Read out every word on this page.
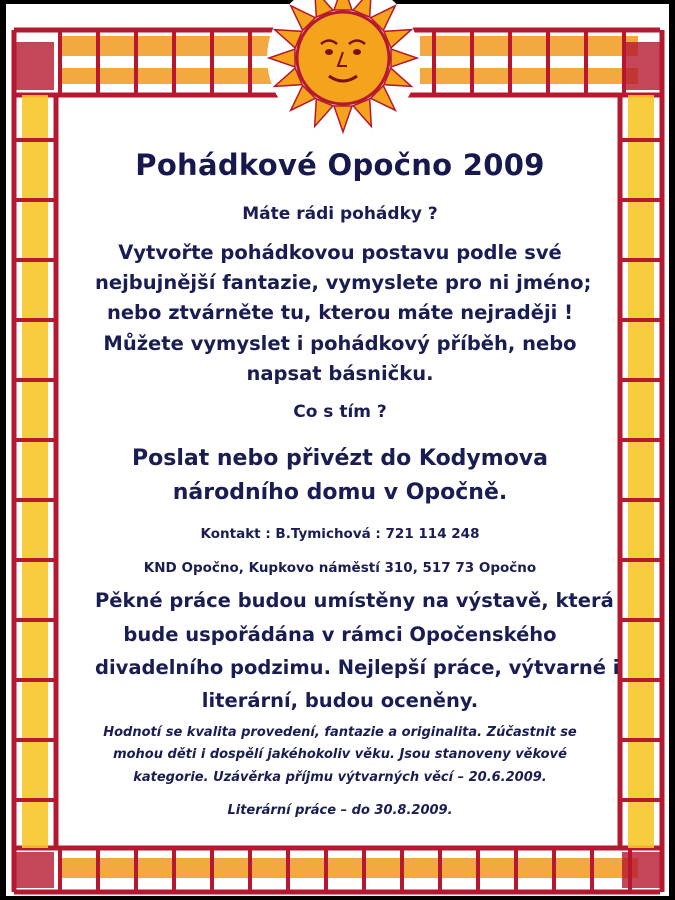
Pohádkové Opočno 2009

Máte rádi pohádky ?

Vytvořte pohádkovou postavu podle své

nejbujnější fantazie, vymyslete pro ni jméno;

nebo ztvárněte tu, kterou máte nejraději !

Můžete vymyslet i pohádkový příběh, nebo

napsat básničku.

Co s tím ?

Poslat nebo přivézt do Kodymova

národního domu v Opočně.

Kontakt : B.Tymichová : 721 114 248

KND Opočno, Kupkovo náměstí 310, 517 73 Opočno

Pěkné práce budou umístěny na výstavě, která

bude uspořádána v rámci Opočenského

divadelního podzimu. Nejlepší práce, výtvarné i

literární, budou oceněny.

Hodnotí se kvalita provedení, fantazie a originalita. Zúčastnit se

mohou děti i dospělí jakéhokoliv věku. Jsou stanoveny věkové

kategorie. Uzávěrka příjmu výtvarných věcí – 20.6.2009.

Literární práce – do 30.8.2009.
